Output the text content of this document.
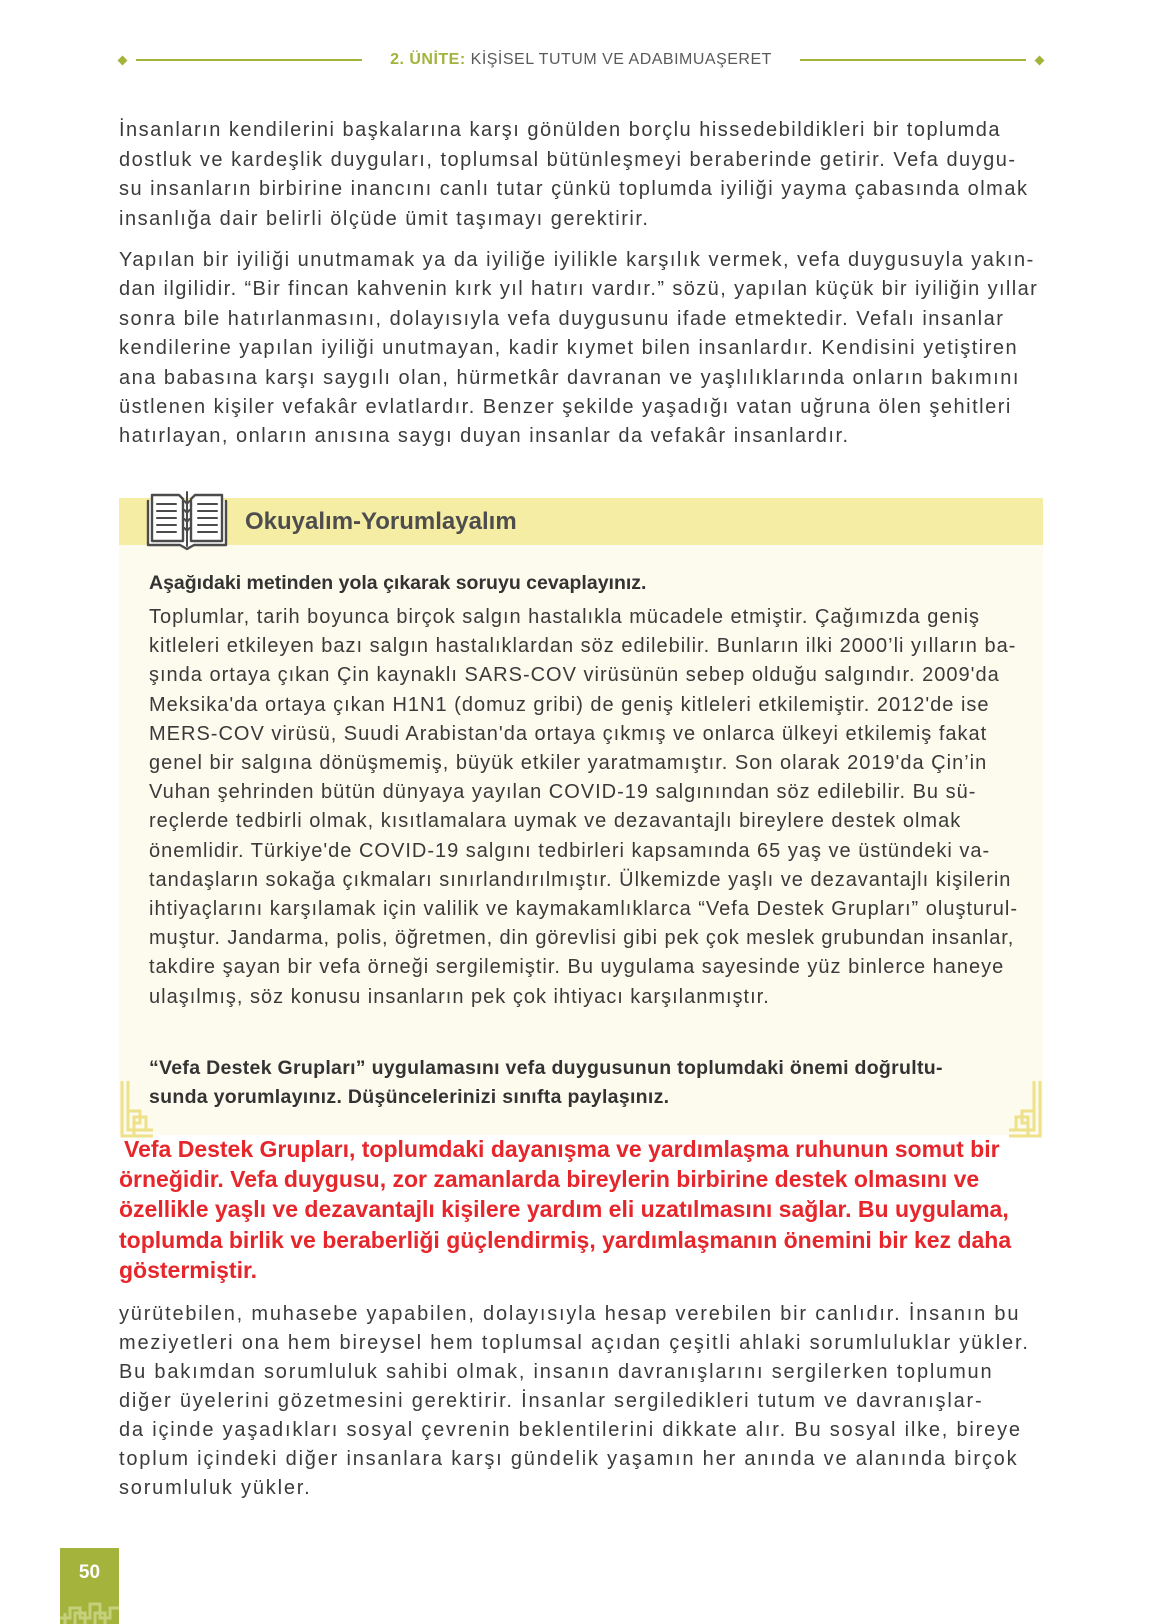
2. ÜNİTE: KİŞİSEL TUTUM VE ADABIMUAŞERET
İnsanların kendilerini başkalarına karşı gönülden borçlu hissedebildikleri bir toplumda
dostluk ve kardeşlik duyguları, toplumsal bütünleşmeyi beraberinde getirir. Vefa duygu-
su insanların birbirine inancını canlı tutar çünkü toplumda iyiliği yayma çabasında olmak
insanlığa dair belirli ölçüde ümit taşımayı gerektirir.
Yapılan bir iyiliği unutmamak ya da iyiliğe iyilikle karşılık vermek, vefa duygusuyla yakın-
dan ilgilidir. “Bir fincan kahvenin kırk yıl hatırı vardır.” sözü, yapılan küçük bir iyiliğin yıllar
sonra bile hatırlanmasını, dolayısıyla vefa duygusunu ifade etmektedir. Vefalı insanlar
kendilerine yapılan iyiliği unutmayan, kadir kıymet bilen insanlardır. Kendisini yetiştiren
ana babasına karşı saygılı olan, hürmetkâr davranan ve yaşlılıklarında onların bakımını
üstlenen kişiler vefakâr evlatlardır. Benzer şekilde yaşadığı vatan uğruna ölen şehitleri
hatırlayan, onların anısına saygı duyan insanlar da vefakâr insanlardır.
Okuyalım-Yorumlayalım

Aşağıdaki metinden yola çıkarak soruyu cevaplayınız.

Toplumlar, tarih boyunca birçok salgın hastalıkla mücadele etmiştir. Çağımızda geniş
kitleleri etkileyen bazı salgın hastalıklardan söz edilebilir. Bunların ilki 2000’li yılların ba-
şında ortaya çıkan Çin kaynaklı SARS-COV virüsünün sebep olduğu salgındır. 2009'da
Meksika'da ortaya çıkan H1N1 (domuz gribi) de geniş kitleleri etkilemiştir. 2012'de ise
MERS-COV virüsü, Suudi Arabistan'da ortaya çıkmış ve onlarca ülkeyi etkilemiş fakat
genel bir salgına dönüşmemiş, büyük etkiler yaratmamıştır. Son olarak 2019'da Çin’in
Vuhan şehrinden bütün dünyaya yayılan COVID-19 salgınından söz edilebilir. Bu sü-
reçlerde tedbirli olmak, kısıtlamalara uymak ve dezavantajlı bireylere destek olmak
önemlidir. Türkiye'de COVID-19 salgını tedbirleri kapsamında 65 yaş ve üstündeki va-
tandaşların sokağa çıkmaları sınırlandırılmıştır. Ülkemizde yaşlı ve dezavantajlı kişilerin
ihtiyaçlarını karşılamak için valilik ve kaymakamlıklarca “Vefa Destek Grupları” oluşturul-
muştur. Jandarma, polis, öğretmen, din görevlisi gibi pek çok meslek grubundan insanlar,
takdire şayan bir vefa örneği sergilemiştir. Bu uygulama sayesinde yüz binlerce haneye
ulaşılmış, söz konusu insanların pek çok ihtiyacı karşılanmıştır.
“Vefa Destek Grupları” uygulamasını vefa duygusunun toplumdaki önemi doğrultu-
sunda yorumlayınız. Düşüncelerinizi sınıfta paylaşınız.
Vefa Destek Grupları, toplumdaki dayanışma ve yardımlaşma ruhunun somut bir
örneğidir. Vefa duygusu, zor zamanlarda bireylerin birbirine destek olmasını ve
özellikle yaşlı ve dezavantajlı kişilere yardım eli uzatılmasını sağlar. Bu uygulama,
toplumda birlik ve beraberliği güçlendirmiş, yardımlaşmanın önemini bir kez daha
göstermiştir.
yürütebilen, muhasebe yapabilen, dolayısıyla hesap verebilen bir canlıdır. İnsanın bu
meziyetleri ona hem bireysel hem toplumsal açıdan çeşitli ahlaki sorumluluklar yükler.
Bu bakımdan sorumluluk sahibi olmak, insanın davranışlarını sergilerken toplumun
diğer üyelerini gözetmesini gerektirir. İnsanlar sergiledikleri tutum ve davranışlar-
da içinde yaşadıkları sosyal çevrenin beklentilerini dikkate alır. Bu sosyal ilke, bireye
toplum içindeki diğer insanlara karşı gündelik yaşamın her anında ve alanında birçok
sorumluluk yükler.
50
